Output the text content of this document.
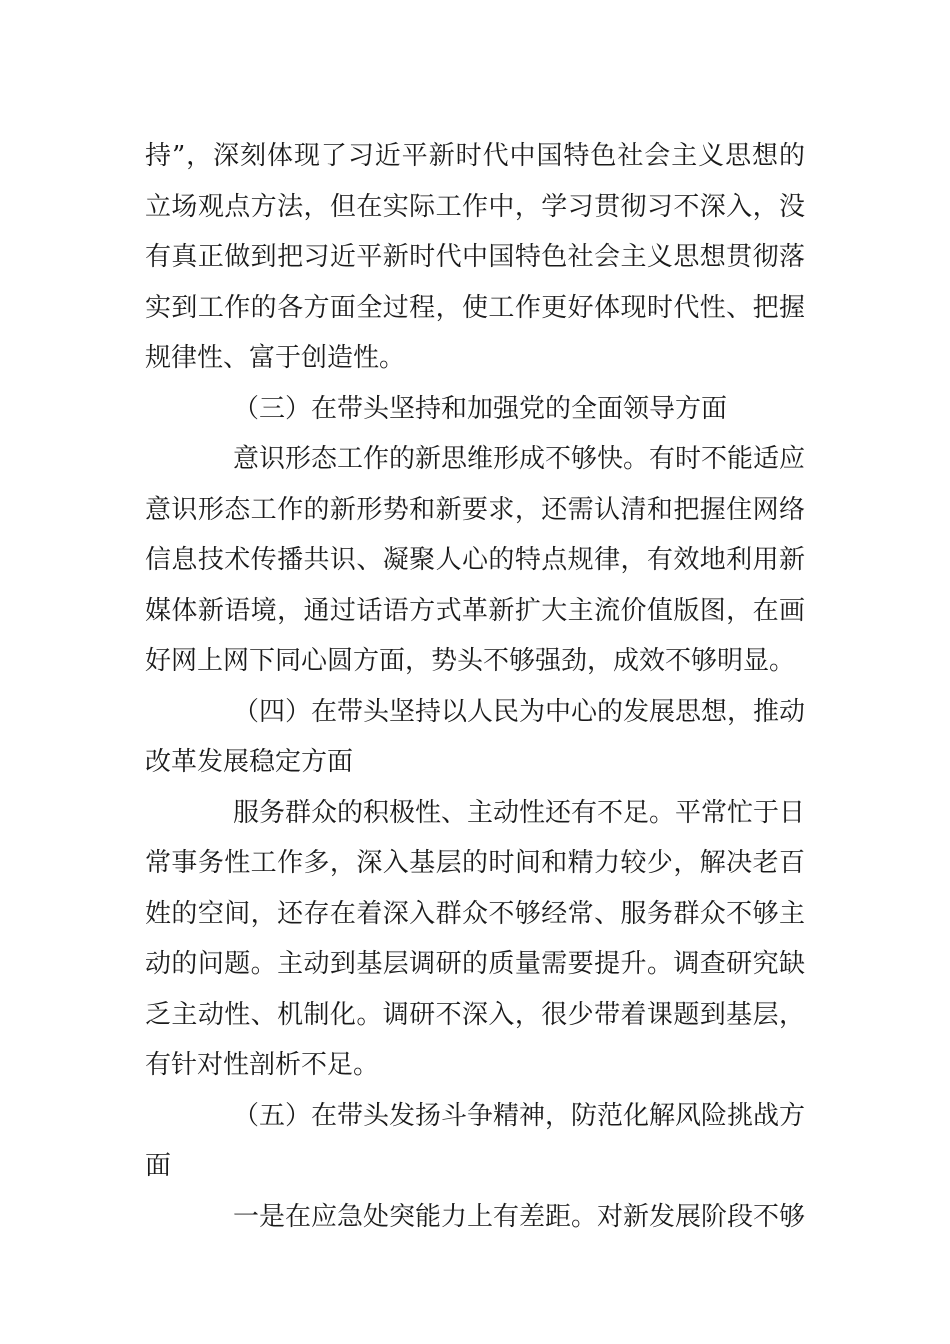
持”，深刻体现了习近平新时代中国特色社会主义思想的立场观点方法，但在实际工作中，学习贯彻习不深入，没有真正做到把习近平新时代中国特色社会主义思想贯彻落实到工作的各方面全过程，使工作更好体现时代性、把握规律性、富于创造性。

（三）在带头坚持和加强党的全面领导方面

意识形态工作的新思维形成不够快。有时不能适应意识形态工作的新形势和新要求，还需认清和把握住网络信息技术传播共识、凝聚人心的特点规律，有效地利用新媒体新语境，通过话语方式革新扩大主流价值版图，在画好网上网下同心圆方面，势头不够强劲，成效不够明显。

（四）在带头坚持以人民为中心的发展思想，推动改革发展稳定方面

服务群众的积极性、主动性还有不足。平常忙于日常事务性工作多，深入基层的时间和精力较少，解决老百姓的空间，还存在着深入群众不够经常、服务群众不够主动的问题。主动到基层调研的质量需要提升。调查研究缺乏主动性、机制化。调研不深入，很少带着课题到基层，有针对性剖析不足。

（五）在带头发扬斗争精神，防范化解风险挑战方面

一是在应急处突能力上有差距。对新发展阶段不够
